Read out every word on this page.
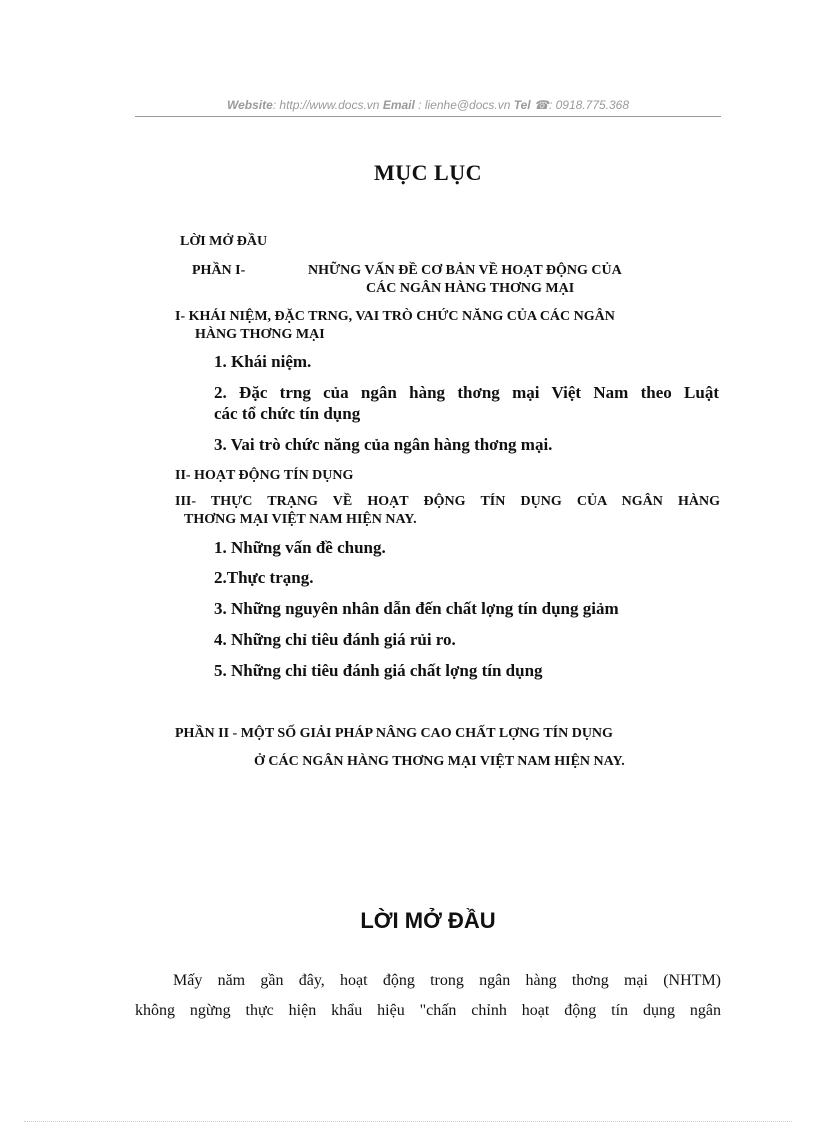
Website: http://www.docs.vn Email : lienhe@docs.vn Tel ☎: 0918.775.368
MỤC LỤC
LỜI MỞ ĐẦU
PHẦN I-	NHỮNG VẤN ĐỀ CƠ BẢN VỀ HOẠT ĐỘNG CỦA
CÁC NGÂN HÀNG THƠNG MẠI
I- KHÁI NIỆM, ĐẶC TRNG, VAI TRÒ CHỨC NĂNG CỦA CÁC NGÂN
HÀNG THƠNG MẠI
1. Khái niệm.
2. Đặc trng của ngân hàng thơng mại Việt Nam theo Luật
các tổ chức tín dụng
3. Vai trò chức năng của ngân hàng thơng mại.
II- HOẠT ĐỘNG TÍN DỤNG
III- THỰC TRẠNG VỀ HOẠT ĐỘNG TÍN DỤNG CỦA NGÂN HÀNG
THƠNG MẠI VIỆT NAM HIỆN NAY.
1. Những vấn đề chung.
2.Thực trạng.
3. Những nguyên nhân dẫn đến chất lợng tín dụng giảm
4. Những chỉ tiêu đánh giá rủi ro.
5. Những chỉ tiêu đánh giá chất lợng tín dụng
PHẦN II - MỘT SỐ GIẢI PHÁP NÂNG CAO CHẤT LỢNG TÍN DỤNG
Ở CÁC NGÂN HÀNG THƠNG MẠI VIỆT NAM HIỆN NAY.
LỜI MỞ ĐẦU
Mấy năm gần đây, hoạt động trong ngân hàng thơng mại (NHTM)
không ngừng thực hiện khẩu hiệu "chấn chỉnh hoạt động tín dụng ngân
